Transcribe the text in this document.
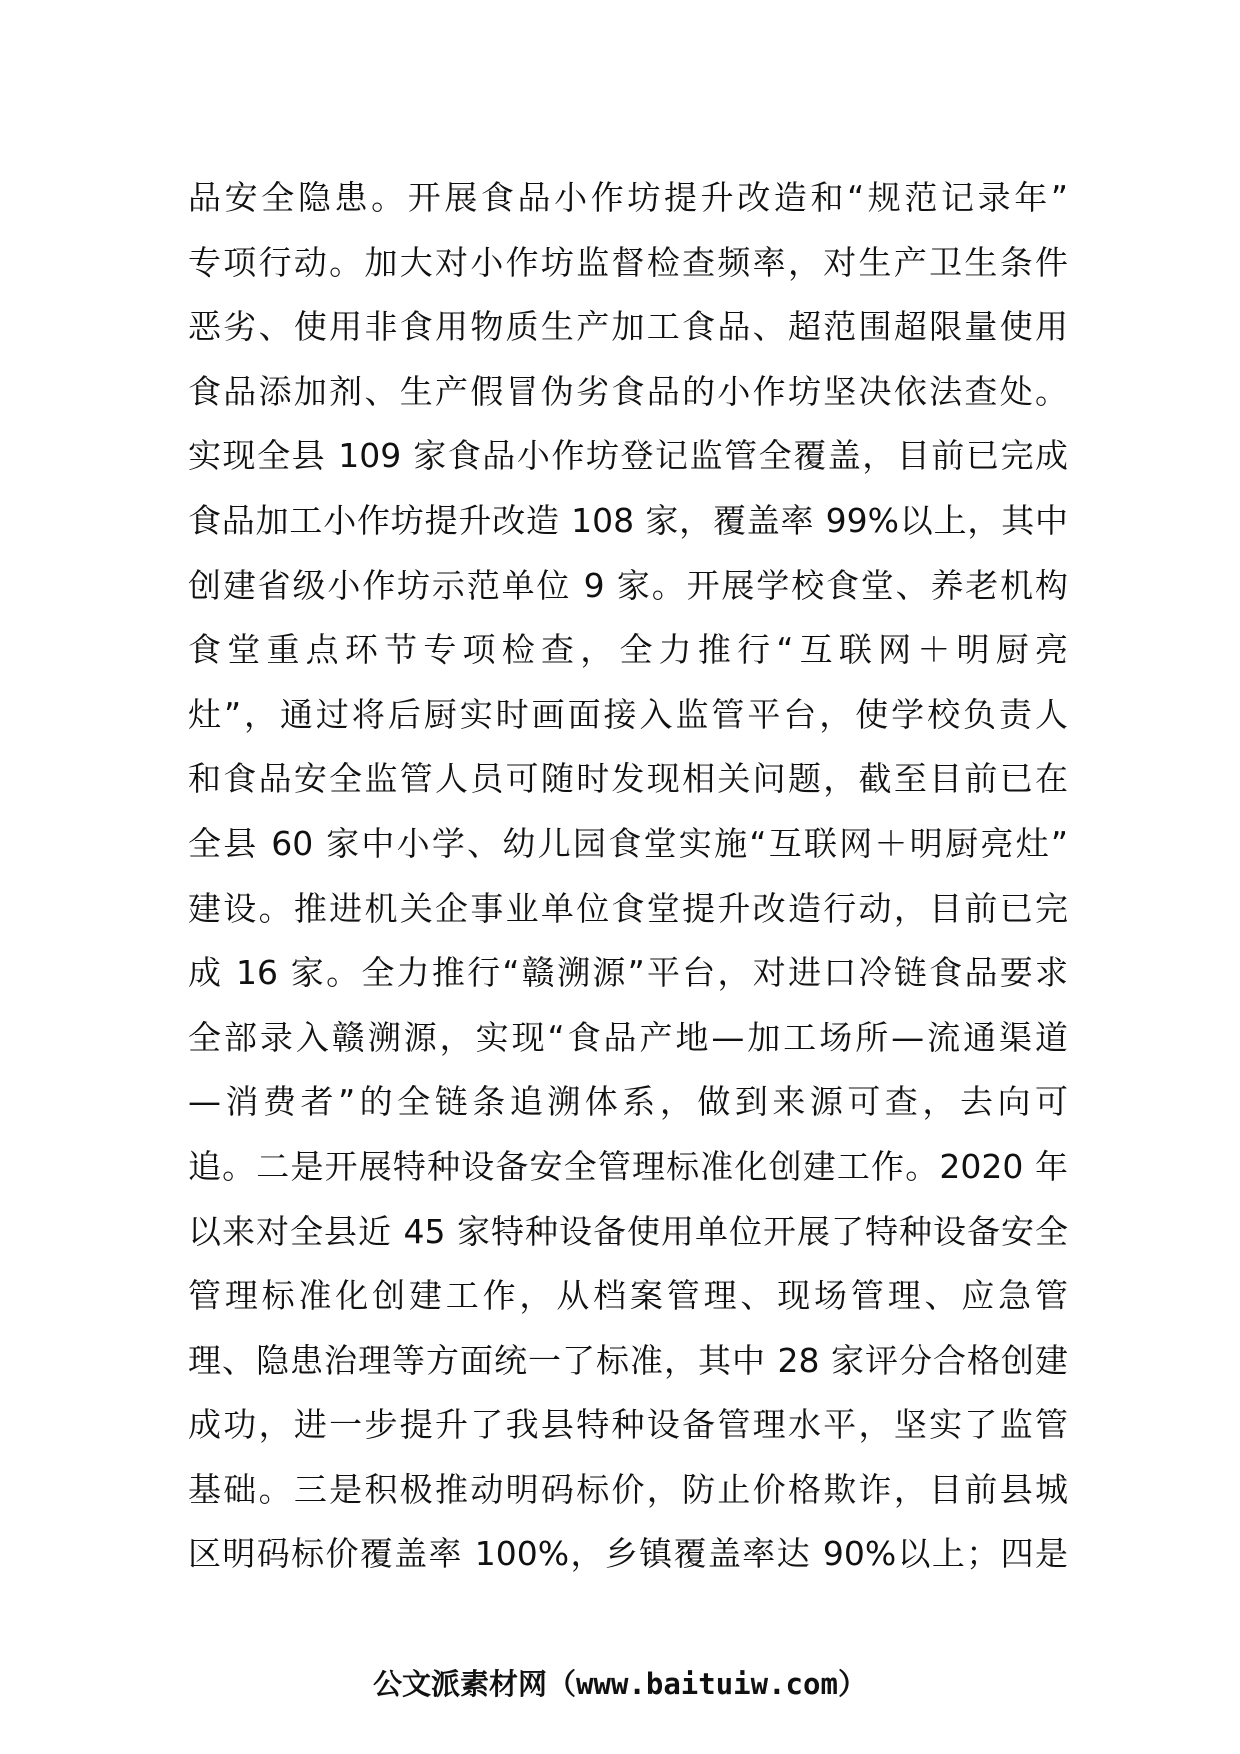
品安全隐患。开展食品小作坊提升改造和“规范记录年”
专项行动。加大对小作坊监督检查频率，对生产卫生条件
恶劣、使用非食用物质生产加工食品、超范围超限量使用
食品添加剂、生产假冒伪劣食品的小作坊坚决依法查处。
实现全县 109 家食品小作坊登记监管全覆盖，目前已完成
食品加工小作坊提升改造 108 家，覆盖率 99%以上，其中
创建省级小作坊示范单位 9 家。开展学校食堂、养老机构
食堂重点环节专项检查，全力推行“互联网＋明厨亮
灶”，通过将后厨实时画面接入监管平台，使学校负责人
和食品安全监管人员可随时发现相关问题，截至目前已在
全县 60 家中小学、幼儿园食堂实施“互联网＋明厨亮灶”
建设。推进机关企事业单位食堂提升改造行动，目前已完
成 16 家。全力推行“赣溯源”平台，对进口冷链食品要求
全部录入赣溯源，实现“食品产地—加工场所—流通渠道
—消费者”的全链条追溯体系，做到来源可查，去向可
追。二是开展特种设备安全管理标准化创建工作。2020 年
以来对全县近 45 家特种设备使用单位开展了特种设备安全
管理标准化创建工作，从档案管理、现场管理、应急管
理、隐患治理等方面统一了标准，其中 28 家评分合格创建
成功，进一步提升了我县特种设备管理水平，坚实了监管
基础。三是积极推动明码标价，防止价格欺诈，目前县城
区明码标价覆盖率 100%，乡镇覆盖率达 90%以上；四是
公文派素材网（www.baituiw.com）
